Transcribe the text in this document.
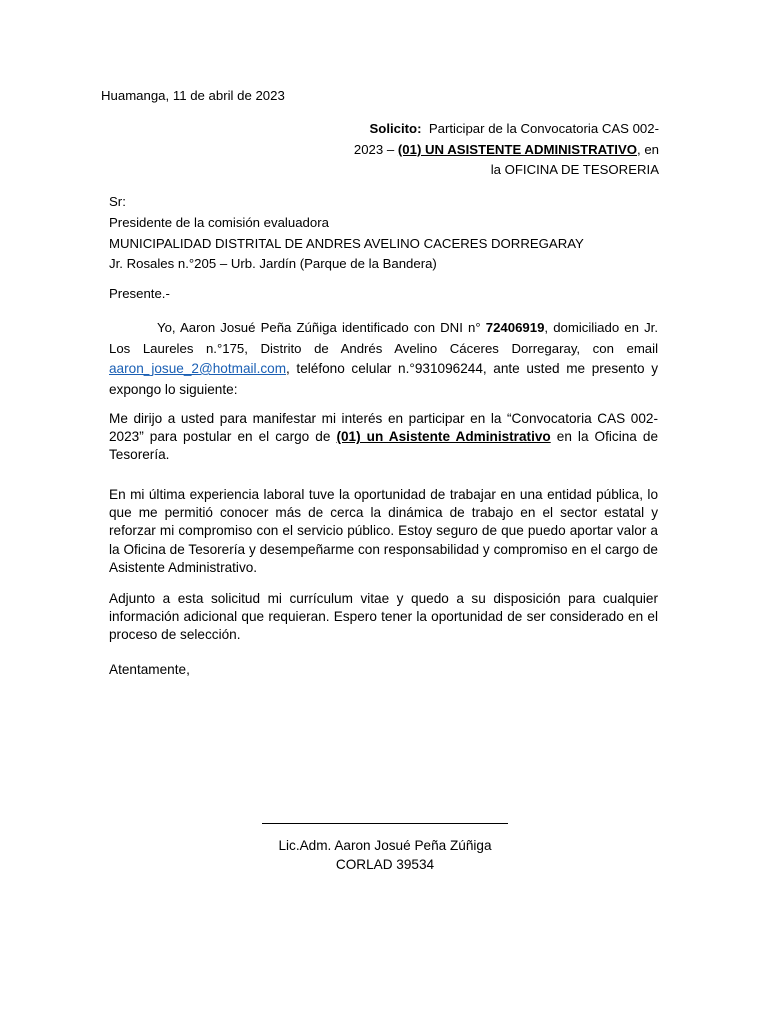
Huamanga, 11 de abril de 2023
Solicito: Participar de la Convocatoria CAS 002-
2023 – (01) UN ASISTENTE ADMINISTRATIVO, en
la OFICINA DE TESORERIA
Sr:
Presidente de la comisión evaluadora
MUNICIPALIDAD DISTRITAL DE ANDRES AVELINO CACERES DORREGARAY
Jr. Rosales n.°205 – Urb. Jardín (Parque de la Bandera)
Presente.-
Yo, Aaron Josué Peña Zúñiga identificado con DNI n° 72406919, domiciliado en Jr. Los Laureles n.°175, Distrito de Andrés Avelino Cáceres Dorregaray, con email aaron_josue_2@hotmail.com, teléfono celular n.°931096244, ante usted me presento y expongo lo siguiente:
Me dirijo a usted para manifestar mi interés en participar en la “Convocatoria CAS 002-2023” para postular en el cargo de (01) un Asistente Administrativo en la Oficina de Tesorería.
En mi última experiencia laboral tuve la oportunidad de trabajar en una entidad pública, lo que me permitió conocer más de cerca la dinámica de trabajo en el sector estatal y reforzar mi compromiso con el servicio público. Estoy seguro de que puedo aportar valor a la Oficina de Tesorería y desempeñarme con responsabilidad y compromiso en el cargo de Asistente Administrativo.
Adjunto a esta solicitud mi currículum vitae y quedo a su disposición para cualquier información adicional que requieran. Espero tener la oportunidad de ser considerado en el proceso de selección.
Atentamente,
Lic.Adm. Aaron Josué Peña Zúñiga
CORLAD 39534
